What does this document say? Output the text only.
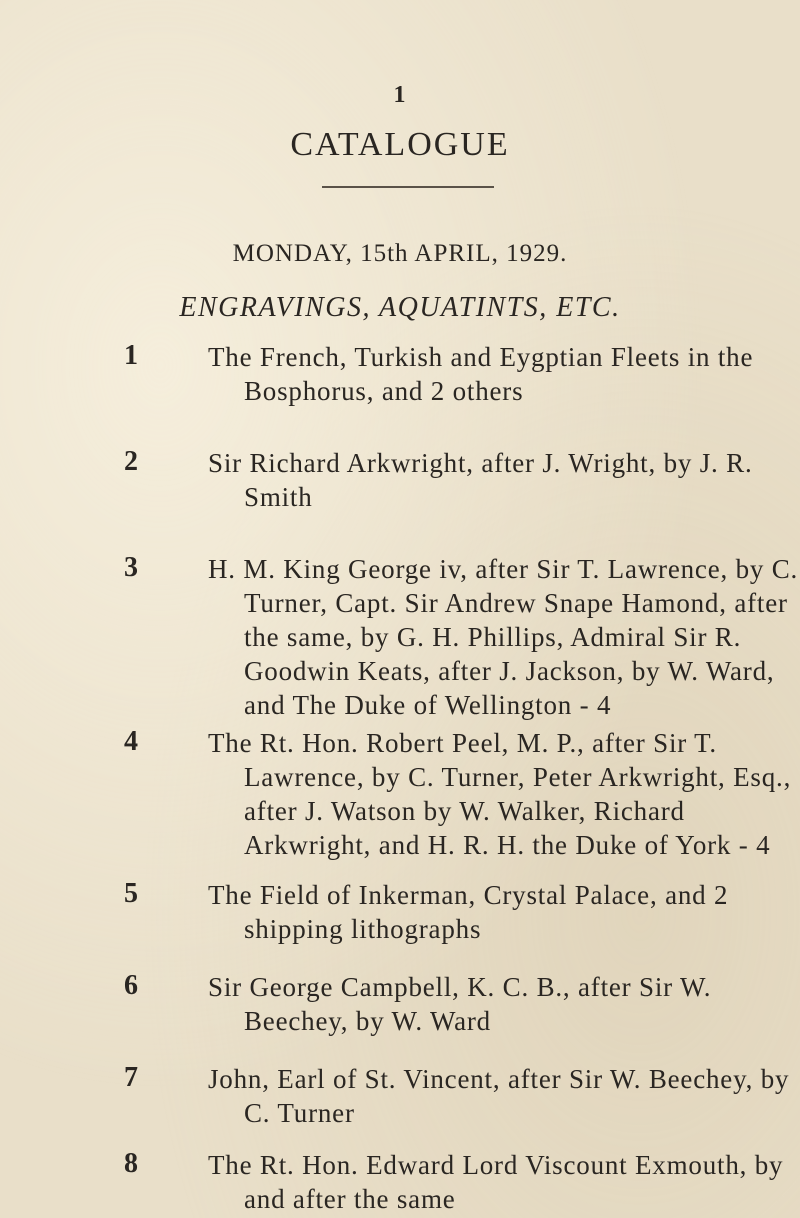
1
CATALOGUE
MONDAY, 15th APRIL, 1929.
ENGRAVINGS, AQUATINTS, ETC.
1	The French, Turkish and Eygptian Fleets in the Bosphorus, and 2 others
2	Sir Richard Arkwright, after J. Wright, by J. R. Smith
3	H. M. King George iv, after Sir T. Lawrence, by C. Turner, Capt. Sir Andrew Snape Hamond, after the same, by G. H. Phillips, Admiral Sir R. Goodwin Keats, after J. Jackson, by W. Ward, and The Duke of Wellington - 4
4	The Rt. Hon. Robert Peel, M. P., after Sir T. Lawrence, by C. Turner, Peter Arkwright, Esq., after J. Watson by W. Walker, Richard Arkwright, and H. R. H. the Duke of York - 4
5	The Field of Inkerman, Crystal Palace, and 2 shipping lithographs
6	Sir George Campbell, K. C. B., after Sir W. Beechey, by W. Ward
7	John, Earl of St. Vincent, after Sir W. Beechey, by C. Turner
8	The Rt. Hon. Edward Lord Viscount Exmouth, by and after the same
